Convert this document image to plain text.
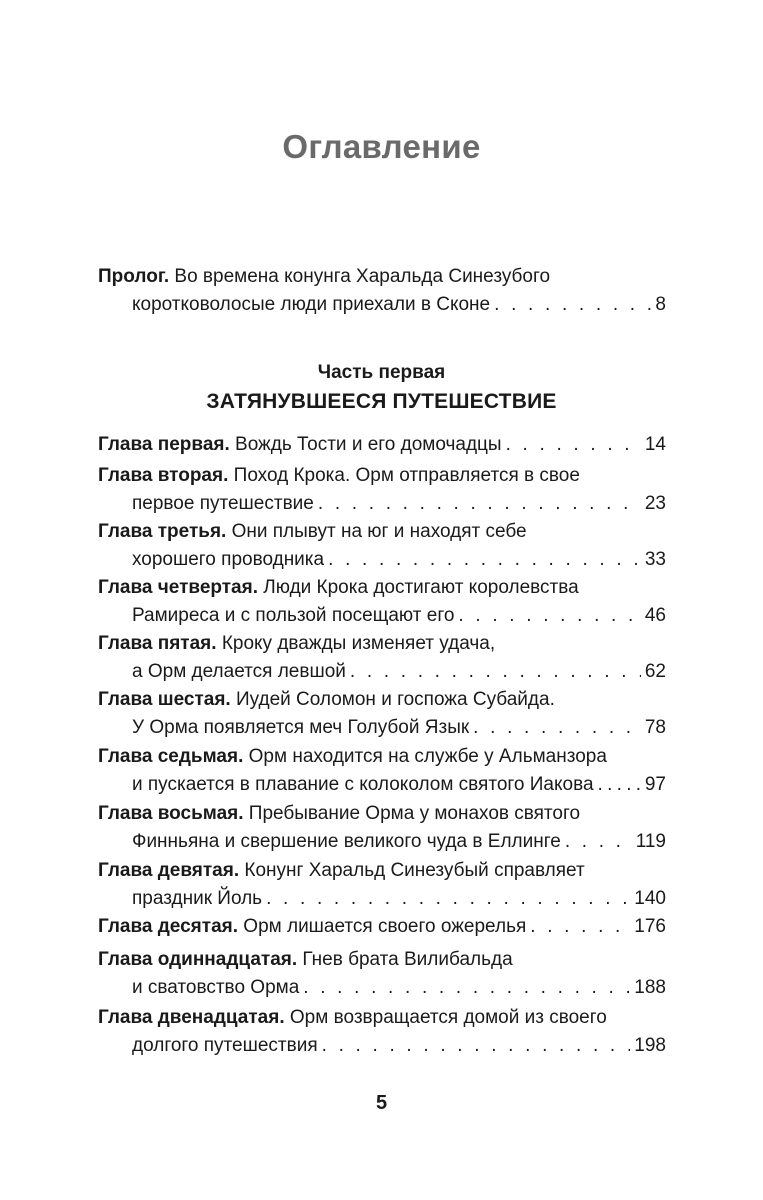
Оглавление
Пролог. Во времена конунга Харальда Синезубого
коротковолосые люди приехали в Сконе . . .	8
Часть первая
ЗАТЯНУВШЕЕСЯ ПУТЕШЕСТВИЕ
Глава первая.
Вождь Тости и его домочадцы . . .	14
Глава вторая. Поход Крока. Орм отправляется в свое
первое путешествие . . .	23
Глава третья. Они плывут на юг и находят себе
хорошего проводника . . .	33
Глава четвертая. Люди Крока достигают королевства
Рамиреса и с пользой посещают его . . .	46
Глава пятая. Кроку дважды изменяет удача,
а Орм делается левшой . . .	62
Глава шестая. Иудей Соломон и госпожа Субайда.
У Орма появляется меч Голубой Язык . . .	78
Глава седьмая. Орм находится на службе у Альманзора
и пускается в плавание с колоколом святого Иакова . . .	97
Глава восьмая. Пребывание Орма у монахов святого
Финньяна и свершение великого чуда в Еллинге . . .	119
Глава девятая. Конунг Харальд Синезубый справляет
праздник Йоль . . .	140
Глава десятая.
Орм лишается своего ожерелья . . .	176
Глава одиннадцатая. Гнев брата Вилибальда
и сватовство Орма . . .	188
Глава двенадцатая. Орм возвращается домой из своего
долгого путешествия . . .	198
5
